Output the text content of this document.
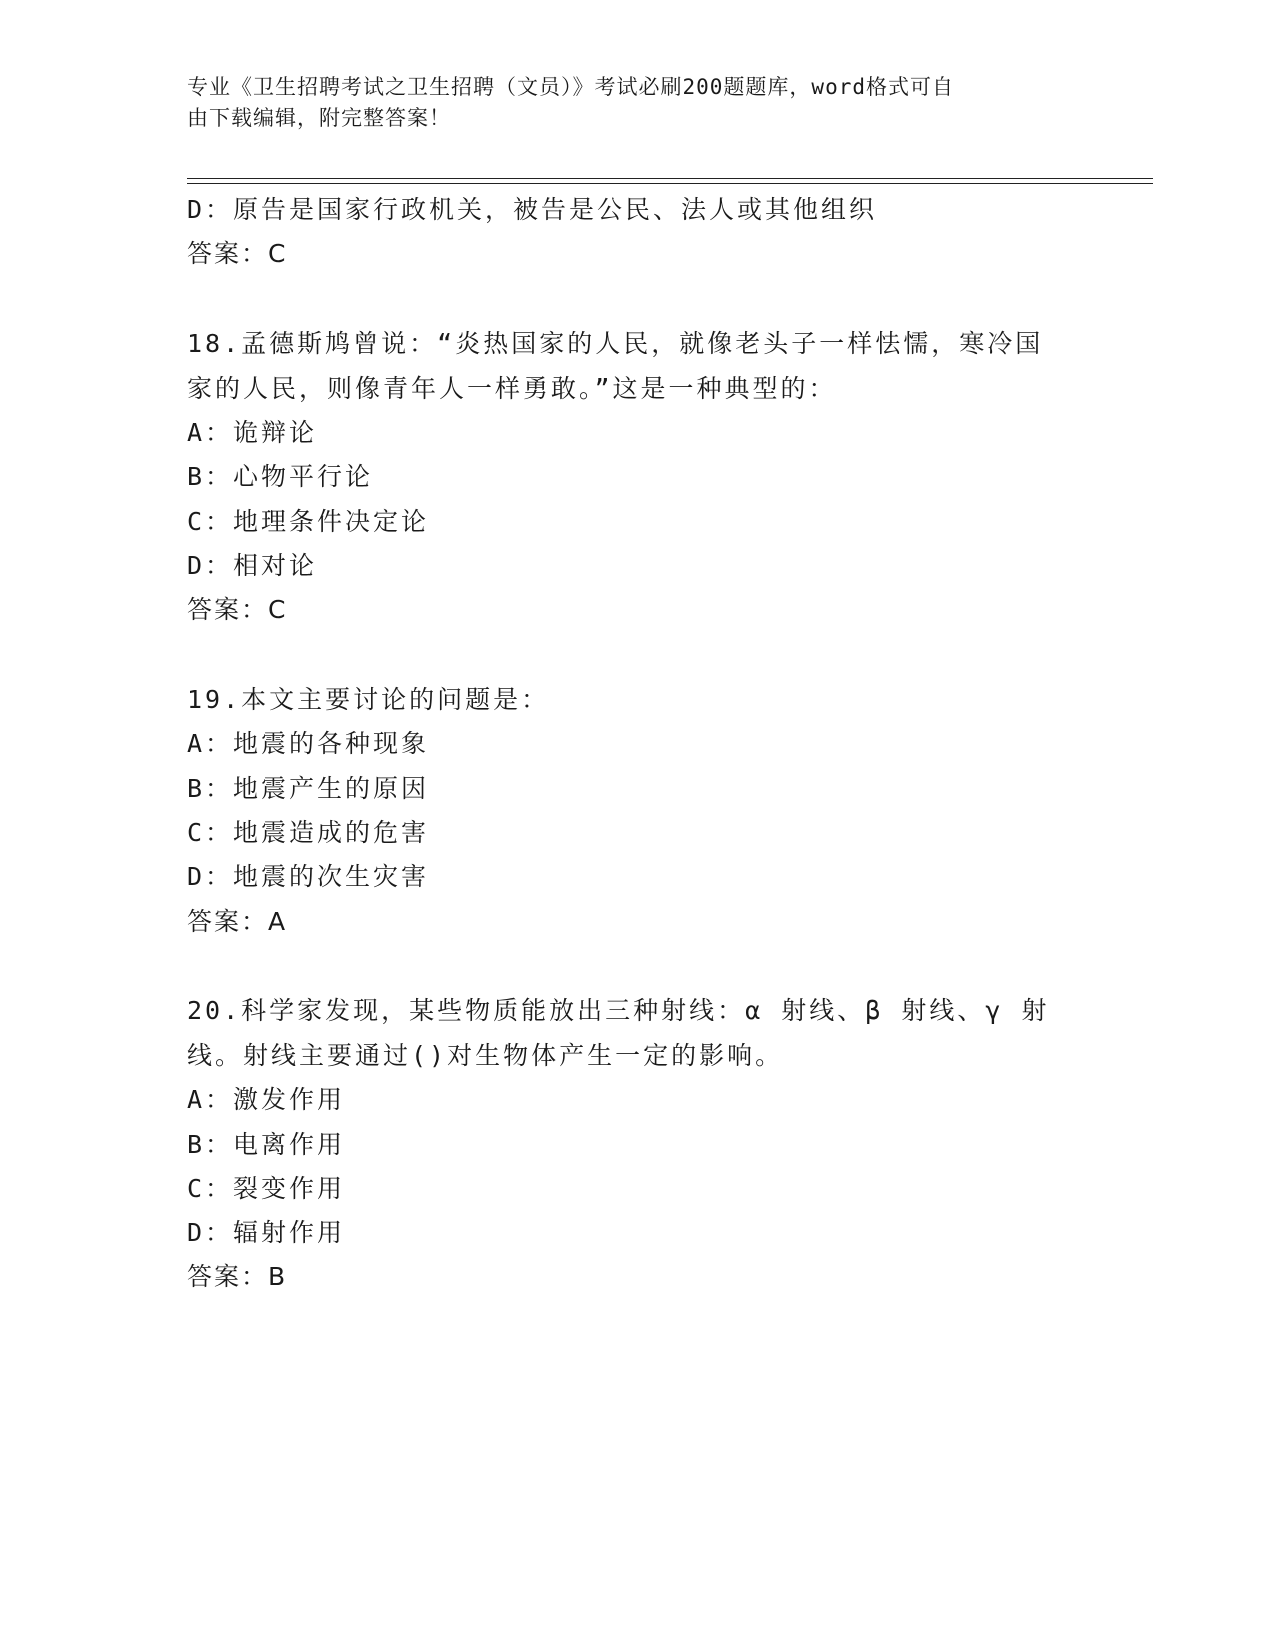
专业《卫生招聘考试之卫生招聘（文员）》考试必刷200题题库，word格式可自
由下载编辑，附完整答案！
D：原告是国家行政机关，被告是公民、法人或其他组织
答案：C
18.孟德斯鸠曾说：“炎热国家的人民，就像老头子一样怯懦，寒冷国
家的人民，则像青年人一样勇敢。”这是一种典型的：
A：诡辩论
B：心物平行论
C：地理条件决定论
D：相对论
答案：C
19.本文主要讨论的问题是：
A：地震的各种现象
B：地震产生的原因
C：地震造成的危害
D：地震的次生灾害
答案：A
20.科学家发现，某些物质能放出三种射线：α 射线、β 射线、γ 射
线。射线主要通过()对生物体产生一定的影响。
A：激发作用
B：电离作用
C：裂变作用
D：辐射作用
答案：B
